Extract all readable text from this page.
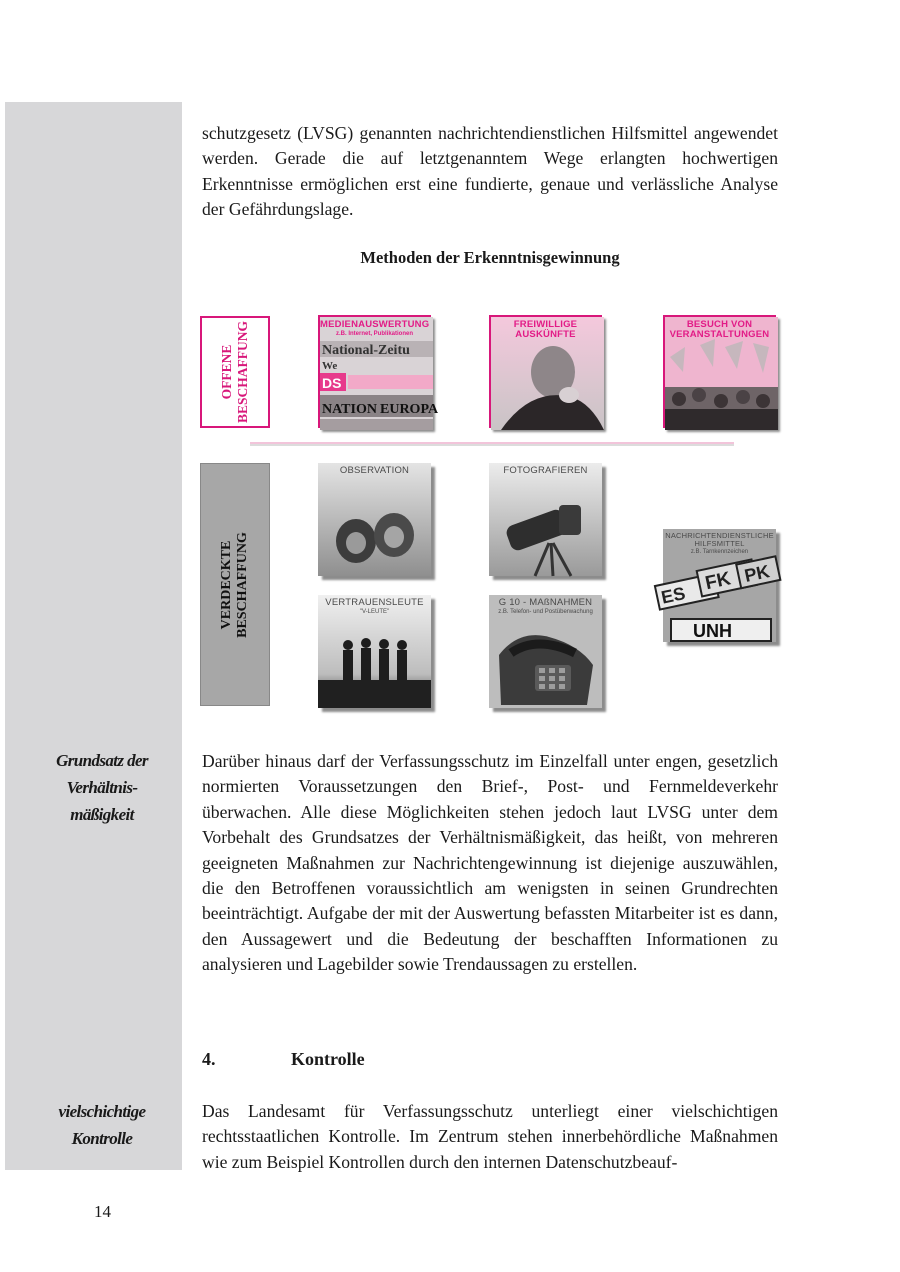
schutzgesetz (LVSG) genannten nachrichtendienstlichen Hilfsmittel angewendet werden. Gerade die auf letztgenanntem Wege erlangten hochwertigen Erkenntnisse ermöglichen erst eine fundierte, genaue und verlässliche Analyse der Gefährdungslage.

Methoden der Erkenntnisgewinnung
OFFENE BESCHAFFUNG	National-Zeitu
We
DS
NATION EUROPA
MEDIENAUSWERTUNG
z.B. Internet, Publikationen
FREIWILLIGE
AUSKÜNFTE
BESUCH VON
VERANSTALTUNGEN
VERDECKTE BESCHAFFUNG
OBSERVATION	FOTOGRAFIEREN
VERTRAUENSLEUTE
"V-LEUTE"
G 10 - MAßNAHMEN
z.B. Telefon- und Postüberwachung
ES
FK PK
UNH
NACHRICHTENDIENSTLICHE
HILFSMITTEL
z.B. Tarnkennzeichen
Grundsatz der
Verhältnis-
mäßigkeit

Darüber hinaus darf der Verfassungsschutz im Einzelfall unter engen, gesetzlich normierten Voraussetzungen den Brief-, Post- und Fernmeldeverkehr überwachen. Alle diese Möglichkeiten stehen jedoch laut LVSG unter dem Vorbehalt des Grundsatzes der Verhältnismäßigkeit, das heißt, von mehreren geeigneten Maßnahmen zur Nachrichtengewinnung ist diejenige auszuwählen, die den Betroffenen voraussichtlich am wenigsten in seinen Grundrechten beeinträchtigt. Aufgabe der mit der Auswertung befassten Mitarbeiter ist es dann, den Aussagewert und die Bedeutung der beschafften Informationen zu analysieren und Lagebilder sowie Trendaussagen zu erstellen.

4.	Kontrolle
vielschichtige
Kontrolle

Das Landesamt für Verfassungsschutz unterliegt einer vielschichtigen rechtsstaatlichen Kontrolle. Im Zentrum stehen innerbehördliche Maßnahmen wie zum Beispiel Kontrollen durch den internen Datenschutzbeauf-

14
